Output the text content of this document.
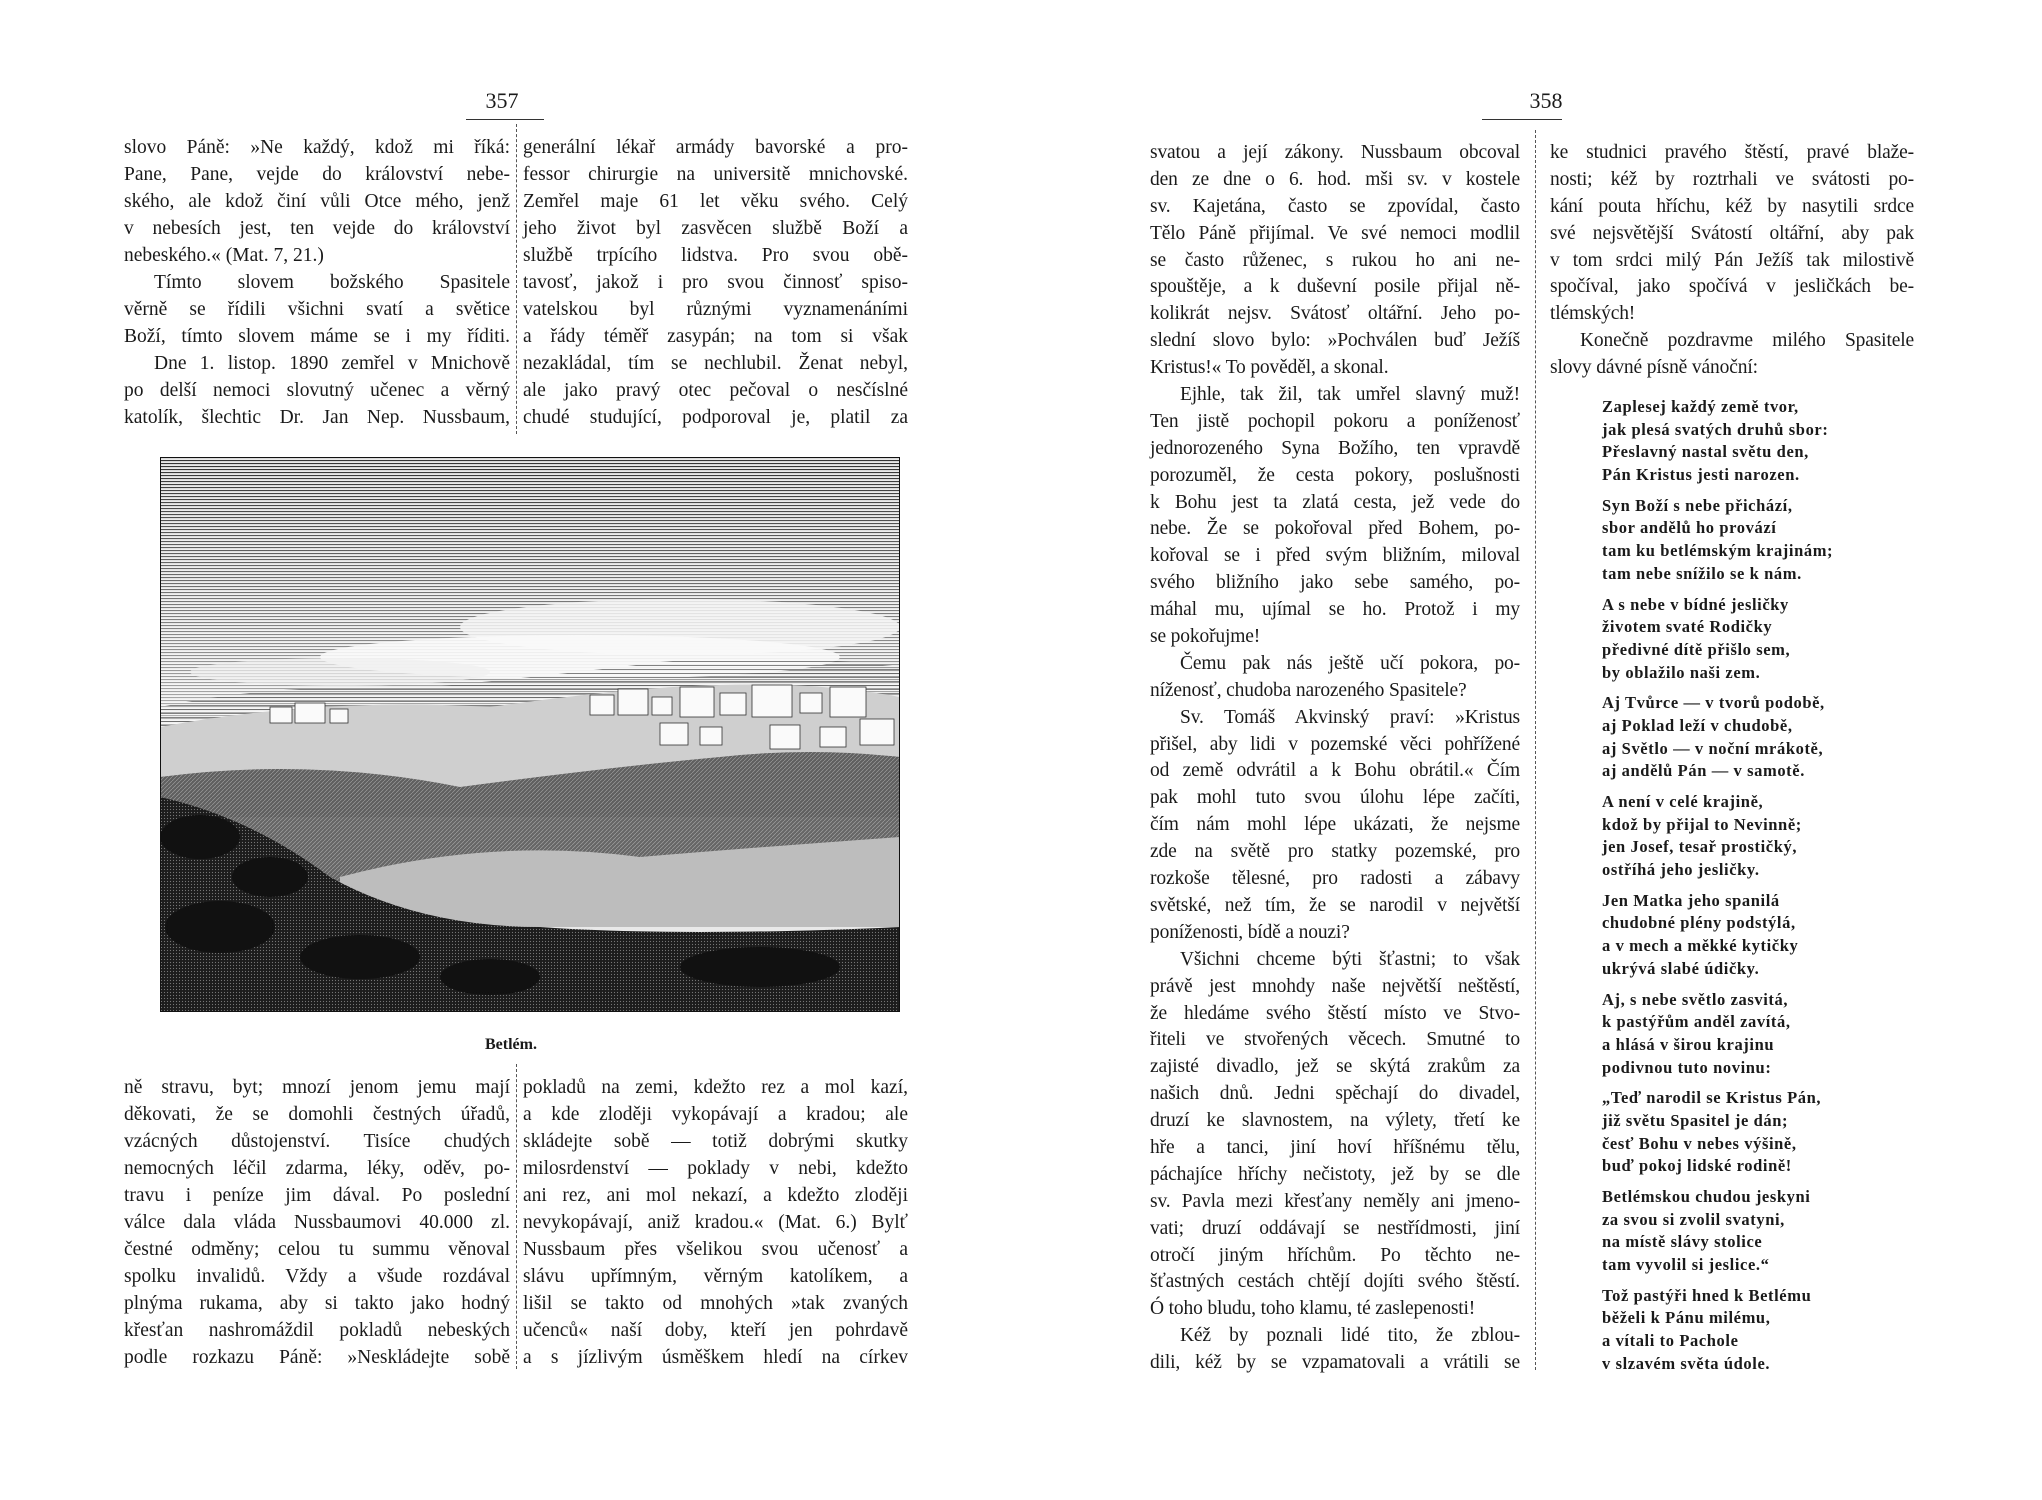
357
slovo Páně: »Ne každý, kdož mi říká:
Pane, Pane, vejde do království nebe-
ského, ale kdož činí vůli Otce mého, jenž
v nebesích jest, ten vejde do království
nebeského.« (Mat. 7, 21.)
Tímto slovem božského Spasitele
věrně se řídili všichni svatí a světice
Boží, tímto slovem máme se i my říditi.
Dne 1. listop. 1890 zemřel v Mnichově
po delší nemoci slovutný učenec a věrný
katolík, šlechtic Dr. Jan Nep. Nussbaum,
generální lékař armády bavorské a pro-
fessor chirurgie na universitě mnichovské.
Zemřel maje 61 let věku svého. Celý
jeho život byl zasvěcen službě Boží a
službě trpícího lidstva. Pro svou obě-
tavosť, jakož i pro svou činnosť spiso-
vatelskou byl různými vyznamenáními
a řády téměř zasypán; na tom si však
nezakládal, tím se nechlubil. Ženat nebyl,
ale jako pravý otec pečoval o nesčíslné
chudé studující, podporoval je, platil za
Betlém.
ně stravu, byt; mnozí jenom jemu mají
děkovati, že se domohli čestných úřadů,
vzácných důstojenství. Tisíce chudých
nemocných léčil zdarma, léky, oděv, po-
travu i peníze jim dával. Po poslední
válce dala vláda Nussbaumovi 40.000 zl.
čestné odměny; celou tu summu věnoval
spolku invalidů. Vždy a všude rozdával
plnýma rukama, aby si takto jako hodný
křesťan nashromáždil pokladů nebeských
podle rozkazu Páně: »Neskládejte sobě
pokladů na zemi, kdežto rez a mol kazí,
a kde zloději vykopávají a kradou; ale
skládejte sobě — totiž dobrými skutky
milosrdenství — poklady v nebi, kdežto
ani rez, ani mol nekazí, a kdežto zloději
nevykopávají, aniž kradou.« (Mat. 6.) Bylť
Nussbaum přes všelikou svou učenosť a
slávu upřímným, věrným katolíkem, a
lišil se takto od mnohých »tak zvaných
učenců« naší doby, kteří jen pohrdavě
a s jízlivým úsměškem hledí na církev
358
svatou a její zákony. Nussbaum obcoval
den ze dne o 6. hod. mši sv. v kostele
sv. Kajetána, často se zpovídal, často
Tělo Páně přijímal. Ve své nemoci modlil
se často růženec, s rukou ho ani ne-
spouštěje, a k duševní posile přijal ně-
kolikrát nejsv. Svátosť oltářní. Jeho po-
slední slovo bylo: »Pochválen buď Ježíš
Kristus!« To pověděl, a skonal.
Ejhle, tak žil, tak umřel slavný muž!
Ten jistě pochopil pokoru a poníženosť
jednorozeného Syna Božího, ten vpravdě
porozuměl, že cesta pokory, poslušnosti
k Bohu jest ta zlatá cesta, jež vede do
nebe. Že se pokořoval před Bohem, po-
kořoval se i před svým bližním, miloval
svého bližního jako sebe samého, po-
máhal mu, ujímal se ho. Protož i my
se pokořujme!
Čemu pak nás ještě učí pokora, po-
níženosť, chudoba narozeného Spasitele?
Sv. Tomáš Akvinský praví: »Kristus
přišel, aby lidi v pozemské věci pohřížené
od země odvrátil a k Bohu obrátil.« Čím
pak mohl tuto svou úlohu lépe začíti,
čím nám mohl lépe ukázati, že nejsme
zde na světě pro statky pozemské, pro
rozkoše tělesné, pro radosti a zábavy
světské, než tím, že se narodil v největší
poníženosti, bídě a nouzi?
Všichni chceme býti šťastni; to však
právě jest mnohdy naše největší neštěstí,
že hledáme svého štěstí místo ve Stvo-
řiteli ve stvořených věcech. Smutné to
zajisté divadlo, jež se skýtá zrakům za
našich dnů. Jedni spěchají do divadel,
druzí ke slavnostem, na výlety, třetí ke
hře a tanci, jiní hoví hříšnému tělu,
páchajíce hříchy nečistoty, jež by se dle
sv. Pavla mezi křesťany neměly ani jmeno-
vati; druzí oddávají se nestřídmosti, jiní
otročí jiným hříchům. Po těchto ne-
šťastných cestách chtějí dojíti svého štěstí.
Ó toho bludu, toho klamu, té zaslepenosti!
Kéž by poznali lidé tito, že zblou-
dili, kéž by se vzpamatovali a vrátili se
ke studnici pravého štěstí, pravé blaže-
nosti; kéž by roztrhali ve svátosti po-
kání pouta hříchu, kéž by nasytili srdce
své nejsvětější Svátostí oltářní, aby pak
v tom srdci milý Pán Ježíš tak milostivě
spočíval, jako spočívá v jesličkách be-
tlémských!
Konečně pozdravme milého Spasitele
slovy dávné písně vánoční:
Zaplesej každý země tvor,
jak plesá svatých druhů sbor:
Přeslavný nastal světu den,
Pán Kristus jesti narozen.
Syn Boží s nebe přichází,
sbor andělů ho provází
tam ku betlémským krajinám;
tam nebe snížilo se k nám.
A s nebe v bídné jesličky
životem svaté Rodičky
předivné dítě přišlo sem,
by oblažilo naši zem.
Aj Tvůrce — v tvorů podobě,
aj Poklad leží v chudobě,
aj Světlo — v noční mrákotě,
aj andělů Pán — v samotě.
A není v celé krajině,
kdož by přijal to Nevinně;
jen Josef, tesař prostičký,
ostříhá jeho jesličky.
Jen Matka jeho spanilá
chudobné plény podstýlá,
a v mech a měkké kytičky
ukrývá slabé údičky.
Aj, s nebe světlo zasvitá,
k pastýřům anděl zavítá,
a hlásá v širou krajinu
podivnou tuto novinu:
„Teď narodil se Kristus Pán,
již světu Spasitel je dán;
česť Bohu v nebes výšině,
buď pokoj lidské rodině!
Betlémskou chudou jeskyni
za svou si zvolil svatyni,
na místě slávy stolice
tam vyvolil si jeslice.“
Tož pastýři hned k Betlému
běželi k Pánu milému,
a vítali to Pachole
v slzavém světa údole.
